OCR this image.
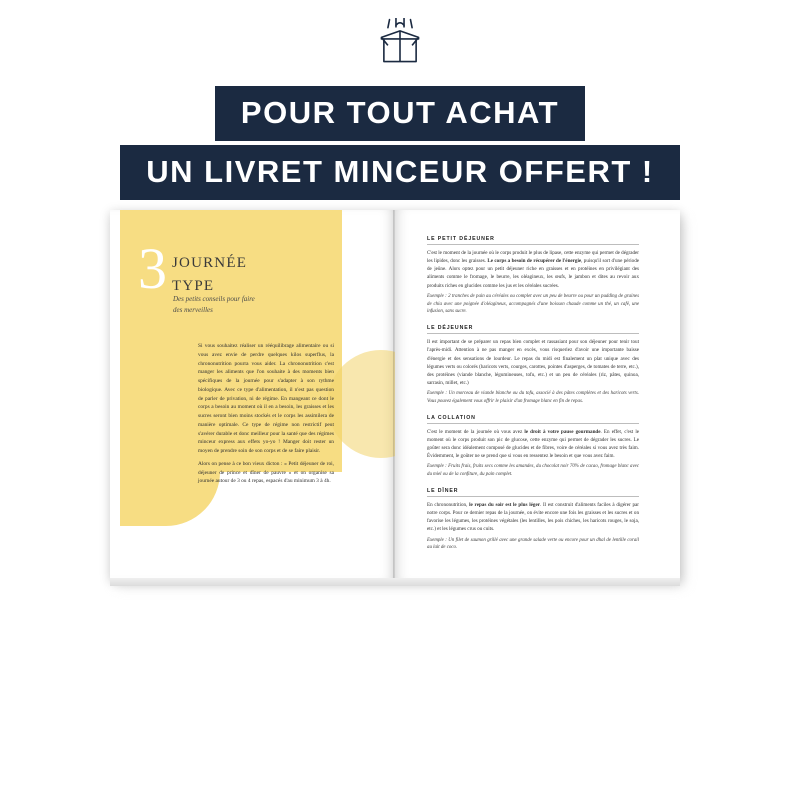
POUR TOUT ACHAT
UN LIVRET MINCEUR OFFERT !
3 JOURNÉE
TYPE
Des petits conseils pour faire
des merveilles

Si vous souhaitez réaliser un rééquilibrage alimentaire ou si vous avez envie de perdre quelques kilos superflus, la chrononutrition pourra vous aider. La chrononutrition c'est manger les aliments que l'on souhaite à des moments bien spécifiques de la journée pour s'adapter à son rythme biologique. Avec ce type d'alimentation, il n'est pas question de parler de privation, ni de régime. En mangeant ce dont le corps a besoin au moment où il en a besoin, les graisses et les sucres seront bien moins stockés et le corps les assimilera de manière optimale. Ce type de régime non restrictif peut s'avérer durable et donc meilleur pour la santé que des régimes minceur express aux effets yo-yo ! Manger doit rester un moyen de prendre soin de son corps et de se faire plaisir.

Alors on pense à ce bon vieux dicton : « Petit déjeuner de roi, déjeuner de prince et dîner de pauvre » et on organise sa journée autour de 3 ou 4 repas, espacés d'au minimum 3 à 4h.

LE PETIT DÉJEUNER

C'est le moment de la journée où le corps produit le plus de lipase, cette enzyme qui permet de dégrader les lipides, donc les graisses. Le corps a besoin de récupérer de l'énergie, puisqu'il sort d'une période de jeûne. Alors optez pour un petit déjeuner riche en graisses et en protéines en privilégiant des aliments comme le fromage, le beurre, les oléagineux, les œufs, le jambon et dites au revoir aux produits riches en glucides comme les jus et les céréales sucrées.

Exemple : 2 tranches de pain au céréales ou complet avec un peu de beurre ou pour un pudding de graines de chia avec une poignée d'oléagineux, accompagnés d'une boisson chaude comme un thé, un café, une infusion, sans sucre.

LE DÉJEUNER

Il est important de se préparer un repas bien complet et rassasiant pour son déjeuner pour tenir tout l'après-midi. Attention à ne pas manger en excès, vous risqueriez d'avoir une importante baisse d'énergie et des sensations de lourdeur. Le repas du midi est finalement un plat unique avec des légumes verts ou colorés (haricots verts, courges, carottes, pointes d'asperges, de tomates de terre, etc.), des protéines (viande blanche, légumineuses, tofu, etc.) et un peu de céréales (riz, pâtes, quinoa, sarrasin, millet, etc.)

Exemple : Un morceau de viande blanche ou du tofu, associé à des pâtes complètes et des haricots verts. Vous pouvez également vous offrir le plaisir d'un fromage blanc en fin de repas.

LA COLLATION

C'est le moment de la journée où vous avez le droit à votre pause gourmande. En effet, c'est le moment où le corps produit son pic de glucose, cette enzyme qui permet de dégrader les sucres. Le goûter sera donc idéalement composé de glucides et de fibres, voire de céréales si vous avez très faim. Évidemment, le goûter ne se prend que si vous en ressentez le besoin et que vous avez faim.

Exemple : Fruits frais, fruits secs comme les amandes, du chocolat noir 70% de cacao, fromage blanc avec du miel ou de la confiture, du pain complet.

LE DÎNER

En chrononutrition, le repas du soir est le plus léger. Il est construit d'aliments faciles à digérer par notre corps. Pour ce dernier repas de la journée, on évite encore une fois les graisses et les sucres et on favorise les légumes, les protéines végétales (les lentilles, les pois chiches, les haricots rouges, le soja, etc.) et les légumes crus ou cuits.

Exemple : Un filet de saumon grillé avec une grande salade verte ou encore pour un dhal de lentille corail au lait de coco.
